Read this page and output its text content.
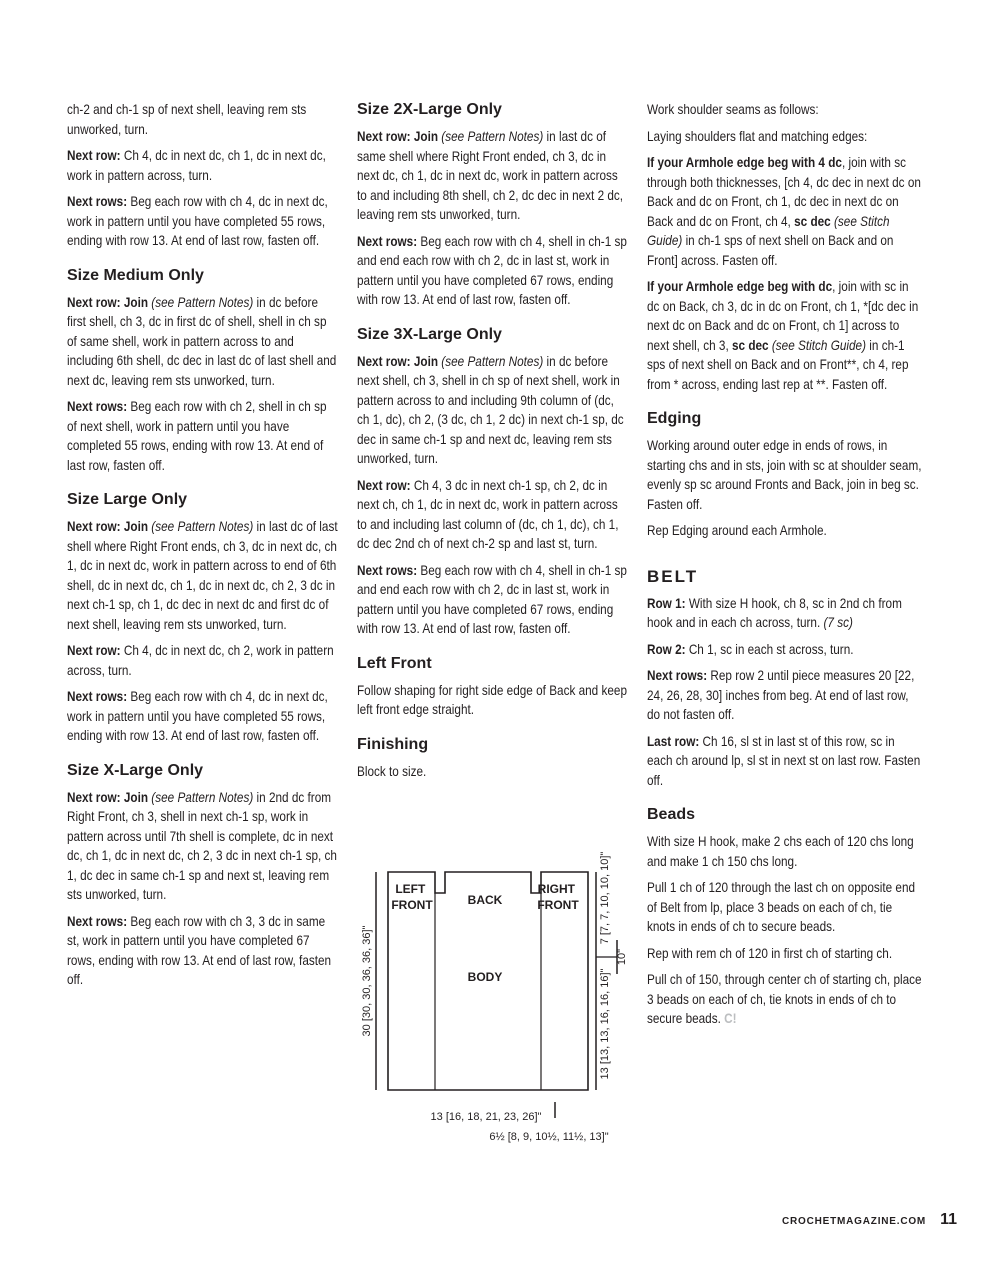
ch-2 and ch-1 sp of next shell, leaving rem sts unworked, turn.

Next row: Ch 4, dc in next dc, ch 1, dc in next dc, work in pattern across, turn.

Next rows: Beg each row with ch 4, dc in next dc, work in pattern until you have completed 55 rows, ending with row 13. At end of last row, fasten off.

Size Medium Only

Next row: Join (see Pattern Notes) in dc before first shell, ch 3, dc in first dc of shell, shell in ch sp of same shell, work in pattern across to and including 6th shell, dc dec in last dc of last shell and next dc, leaving rem sts unworked, turn.

Next rows: Beg each row with ch 2, shell in ch sp of next shell, work in pattern until you have completed 55 rows, ending with row 13. At end of last row, fasten off.

Size Large Only

Next row: Join (see Pattern Notes) in last dc of last shell where Right Front ends, ch 3, dc in next dc, ch 1, dc in next dc, work in pattern across to end of 6th shell, dc in next dc, ch 1, dc in next dc, ch 2, 3 dc in next ch-1 sp, ch 1, dc dec in next dc and first dc of next shell, leaving rem sts unworked, turn.

Next row: Ch 4, dc in next dc, ch 2, work in pattern across, turn.

Next rows: Beg each row with ch 4, dc in next dc, work in pattern until you have completed 55 rows, ending with row 13. At end of last row, fasten off.

Size X-Large Only

Next row: Join (see Pattern Notes) in 2nd dc from Right Front, ch 3, shell in next ch-1 sp, work in pattern across until 7th shell is complete, dc in next dc, ch 1, dc in next dc, ch 2, 3 dc in next ch-1 sp, ch 1, dc dec in same ch-1 sp and next st, leaving rem sts unworked, turn.

Next rows: Beg each row with ch 3, 3 dc in same st, work in pattern until you have completed 67 rows, ending with row 13. At end of last row, fasten off.

Size 2X-Large Only

Next row: Join (see Pattern Notes) in last dc of same shell where Right Front ended, ch 3, dc in next dc, ch 1, dc in next dc, work in pattern across to and including 8th shell, ch 2, dc dec in next 2 dc, leaving rem sts unworked, turn.

Next rows: Beg each row with ch 4, shell in ch-1 sp and end each row with ch 2, dc in last st, work in pattern until you have completed 67 rows, ending with row 13. At end of last row, fasten off.

Size 3X-Large Only

Next row: Join (see Pattern Notes) in dc before next shell, ch 3, shell in ch sp of next shell, work in pattern across to and including 9th column of (dc, ch 1, dc), ch 2, (3 dc, ch 1, 2 dc) in next ch-1 sp, dc dec in same ch-1 sp and next dc, leaving rem sts unworked, turn.

Next row: Ch 4, 3 dc in next ch-1 sp, ch 2, dc in next ch, ch 1, dc in next dc, work in pattern across to and including last column of (dc, ch 1, dc), ch 1, dc dec 2nd ch of next ch-2 sp and last st, turn.

Next rows: Beg each row with ch 4, shell in ch-1 sp and end each row with ch 2, dc in last st, work in pattern until you have completed 67 rows, ending with row 13. At end of last row, fasten off.

Left Front

Follow shaping for right side edge of Back and keep left front edge straight.

Finishing

Block to size.

LEFT FRONT
RIGHT FRONT
BACK
BODY
30 [30, 30, 36, 36, 36]"
7 [7, 7, 10, 10, 10]"
10"
13 [13, 13, 16, 16, 16]"
13 [16, 18, 21, 23, 26]"
6½ [8, 9, 10½, 11½, 13]"

Work shoulder seams as follows:

Laying shoulders flat and matching edges:

If your Armhole edge beg with 4 dc, join with sc through both thicknesses, [ch 4, dc dec in next dc on Back and dc on Front, ch 1, dc dec in next dc on Back and dc on Front, ch 4, sc dec (see Stitch Guide) in ch-1 sps of next shell on Back and on Front] across. Fasten off.

If your Armhole edge beg with dc, join with sc in dc on Back, ch 3, dc in dc on Front, ch 1, *[dc dec in next dc on Back and dc on Front, ch 1] across to next shell, ch 3, sc dec (see Stitch Guide) in ch-1 sps of next shell on Back and on Front**, ch 4, rep from * across, ending last rep at **. Fasten off.

Edging

Working around outer edge in ends of rows, in starting chs and in sts, join with sc at shoulder seam, evenly sp sc around Fronts and Back, join in beg sc. Fasten off.

Rep Edging around each Armhole.

BELT

Row 1: With size H hook, ch 8, sc in 2nd ch from hook and in each ch across, turn. (7 sc)

Row 2: Ch 1, sc in each st across, turn.

Next rows: Rep row 2 until piece measures 20 [22, 24, 26, 28, 30] inches from beg. At end of last row, do not fasten off.

Last row: Ch 16, sl st in last st of this row, sc in each ch around lp, sl st in next st on last row. Fasten off.

Beads

With size H hook, make 2 chs each of 120 chs long and make 1 ch 150 chs long.

Pull 1 ch of 120 through the last ch on opposite end of Belt from lp, place 3 beads on each of ch, tie knots in ends of ch to secure beads.

Rep with rem ch of 120 in first ch of starting ch.

Pull ch of 150, through center ch of starting ch, place 3 beads on each of ch, tie knots in ends of ch to secure beads. C!

CROCHETMAGAZINE.COM 11
